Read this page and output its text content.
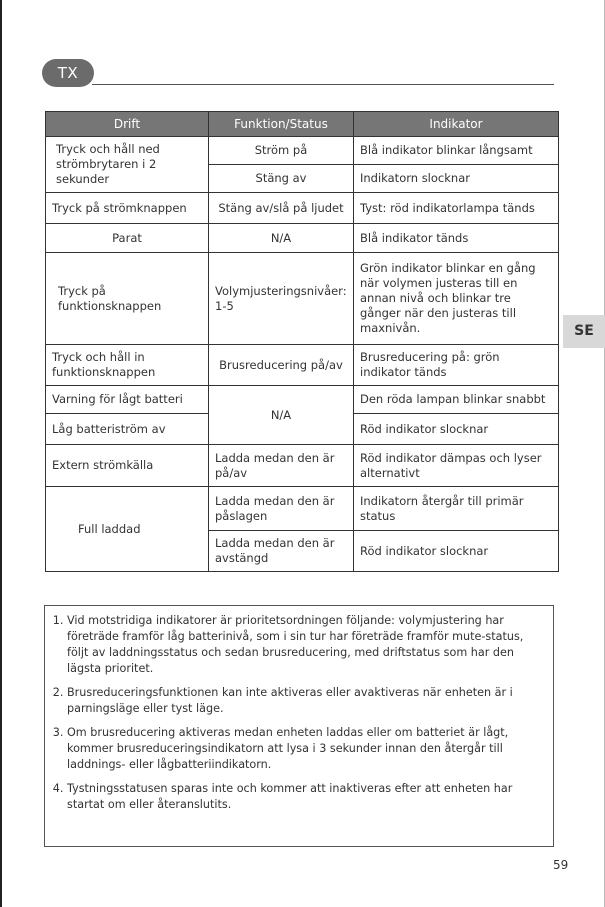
TX
SE
Drift	Funktion/Status	Indikator
Tryck och håll ned strömbrytaren i 2 sekunder	Ström på	Blå indikator blinkar långsamt
	Stäng av	Indikatorn slocknar
Tryck på strömknappen	Stäng av/slå på ljudet	Tyst: röd indikatorlampa tänds
Parat	N/A	Blå indikator tänds
Tryck på funktionsknappen	Volymjusteringsnivåer: 1-5	Grön indikator blinkar en gång när volymen justeras till en annan nivå och blinkar tre gånger när den justeras till maxnivån.
Tryck och håll in funktionsknappen	Brusreducering på/av	Brusreducering på: grön indikator tänds
Varning för lågt batteri	N/A	Den röda lampan blinkar snabbt
Låg batteriström av		Röd indikator slocknar
Extern strömkälla	Ladda medan den är på/av	Röd indikator dämpas och lyser alternativt
Full laddad	Ladda medan den är påslagen	Indikatorn återgår till primär status
	Ladda medan den är avstängd	Röd indikator slocknar
1. Vid motstridiga indikatorer är prioritetsordningen följande: volymjustering har företräde framför låg batterinivå, som i sin tur har företräde framför mute-status, följt av laddningsstatus och sedan brusreducering, med driftstatus som har den lägsta prioritet.
2. Brusreduceringsfunktionen kan inte aktiveras eller avaktiveras när enheten är i parningsläge eller tyst läge.
3. Om brusreducering aktiveras medan enheten laddas eller om batteriet är lågt, kommer brusreduceringsindikatorn att lysa i 3 sekunder innan den återgår till laddnings- eller lågbatteriindikatorn.
4. Tystningsstatusen sparas inte och kommer att inaktiveras efter att enheten har startat om eller återanslutits.
59
